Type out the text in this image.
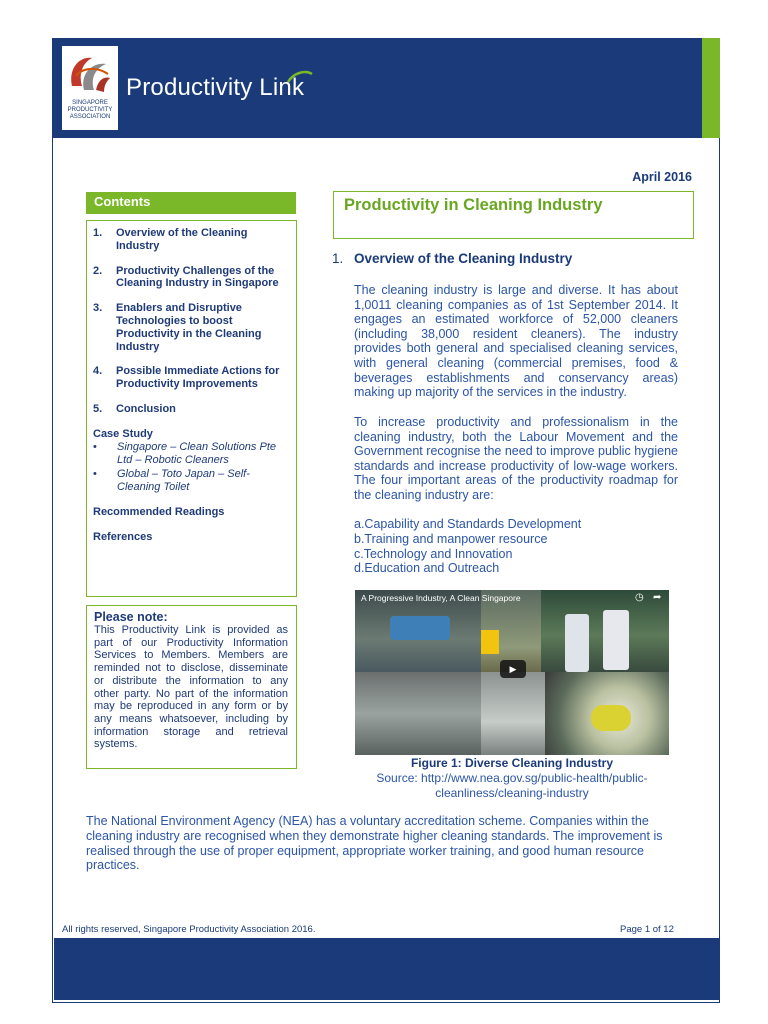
SINGAPORE
PRODUCTIVITY
ASSOCIATION
Productivity Link
April 2016
Contents
1.	Overview of the Cleaning Industry
2.	Productivity Challenges of the Cleaning Industry in Singapore
3.	Enablers and Disruptive Technologies to boost Productivity in the Cleaning Industry
4.	Possible Immediate Actions for Productivity Improvements
5.	Conclusion
Case Study
•	Singapore – Clean Solutions Pte Ltd – Robotic Cleaners
•	Global – Toto Japan – Self-Cleaning Toilet
Recommended Readings
References
Please note:
This Productivity Link is provided as part of our Productivity Information Services to Members. Members are reminded not to disclose, disseminate or distribute the information to any other party. No part of the information may be reproduced in any form or by any means whatsoever, including by information storage and retrieval systems.
Productivity in Cleaning Industry
1. Overview of the Cleaning Industry
The cleaning industry is large and diverse. It has about 1,0011 cleaning companies as of 1st September 2014. It engages an estimated workforce of 52,000 cleaners (including 38,000 resident cleaners). The industry provides both general and specialised cleaning services, with general cleaning (commercial premises, food & beverages establishments and conservancy areas) making up majority of the services in the industry.
To increase productivity and professionalism in the cleaning industry, both the Labour Movement and the Government recognise the need to improve public hygiene standards and increase productivity of low-wage workers. The four important areas of the productivity roadmap for the cleaning industry are:
a.Capability and Standards Development
b.Training and manpower resource
c.Technology and Innovation
d.Education and Outreach
A Progressive Industry, A Clean Singapore	◷ ➦
▶
Figure 1: Diverse Cleaning Industry
Source: http://www.nea.gov.sg/public-health/public-cleanliness/cleaning-industry
The National Environment Agency (NEA) has a voluntary accreditation scheme. Companies within the cleaning industry are recognised when they demonstrate higher cleaning standards. The improvement is realised through the use of proper equipment, appropriate worker training, and good human resource practices.
All rights reserved, Singapore Productivity Association 2016.	Page 1 of 12
